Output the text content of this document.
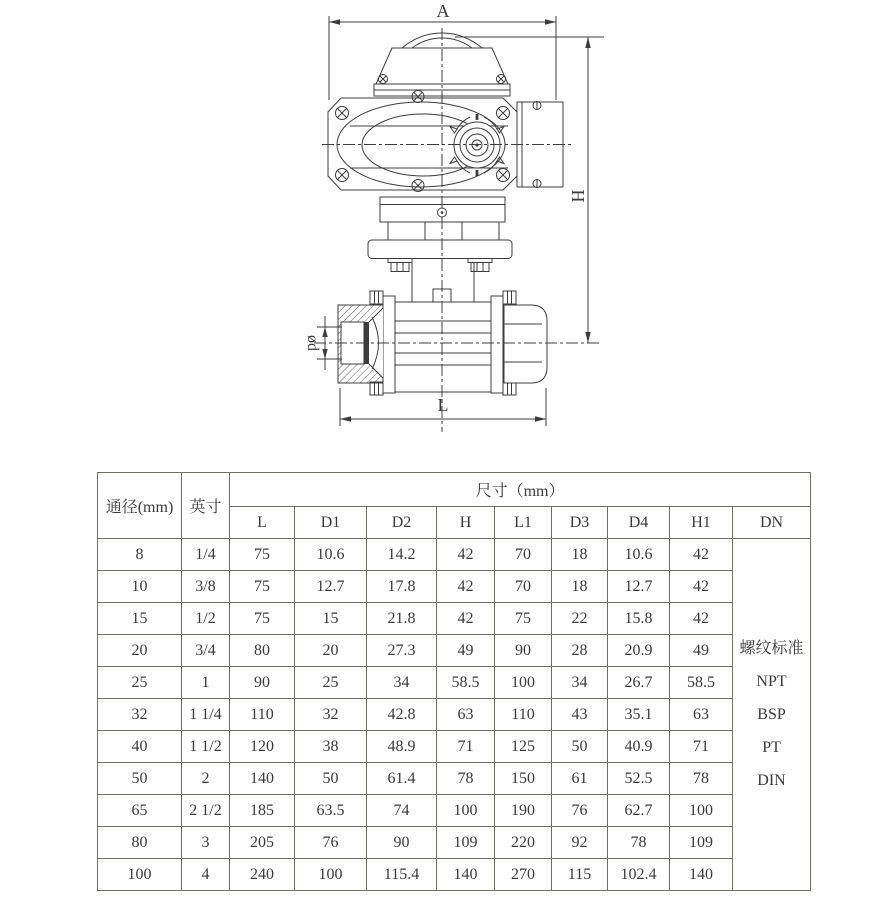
A
H
L
ød
通径(mm)	英寸	尺寸（mm）								
		L	D1	D2	H	L1	D3	D4	H1	DN
8	1/4	75	10.6	14.2	42	70	18	10.6	42	螺纹标准
NPT
BSP
PT
DIN

10	3/8	75	12.7	17.8	42	70	18	12.7	42	
15	1/2	75	15	21.8	42	75	22	15.8	42	
20	3/4	80	20	27.3	49	90	28	20.9	49	
25	1	90	25	34	58.5	100	34	26.7	58.5	
32	1 1/4	110	32	42.8	63	110	43	35.1	63	
40	1 1/2	120	38	48.9	71	125	50	40.9	71	
50	2	140	50	61.4	78	150	61	52.5	78	
65	2 1/2	185	63.5	74	100	190	76	62.7	100	
80	3	205	76	90	109	220	92	78	109	
100	4	240	100	115.4	140	270	115	102.4	140	
